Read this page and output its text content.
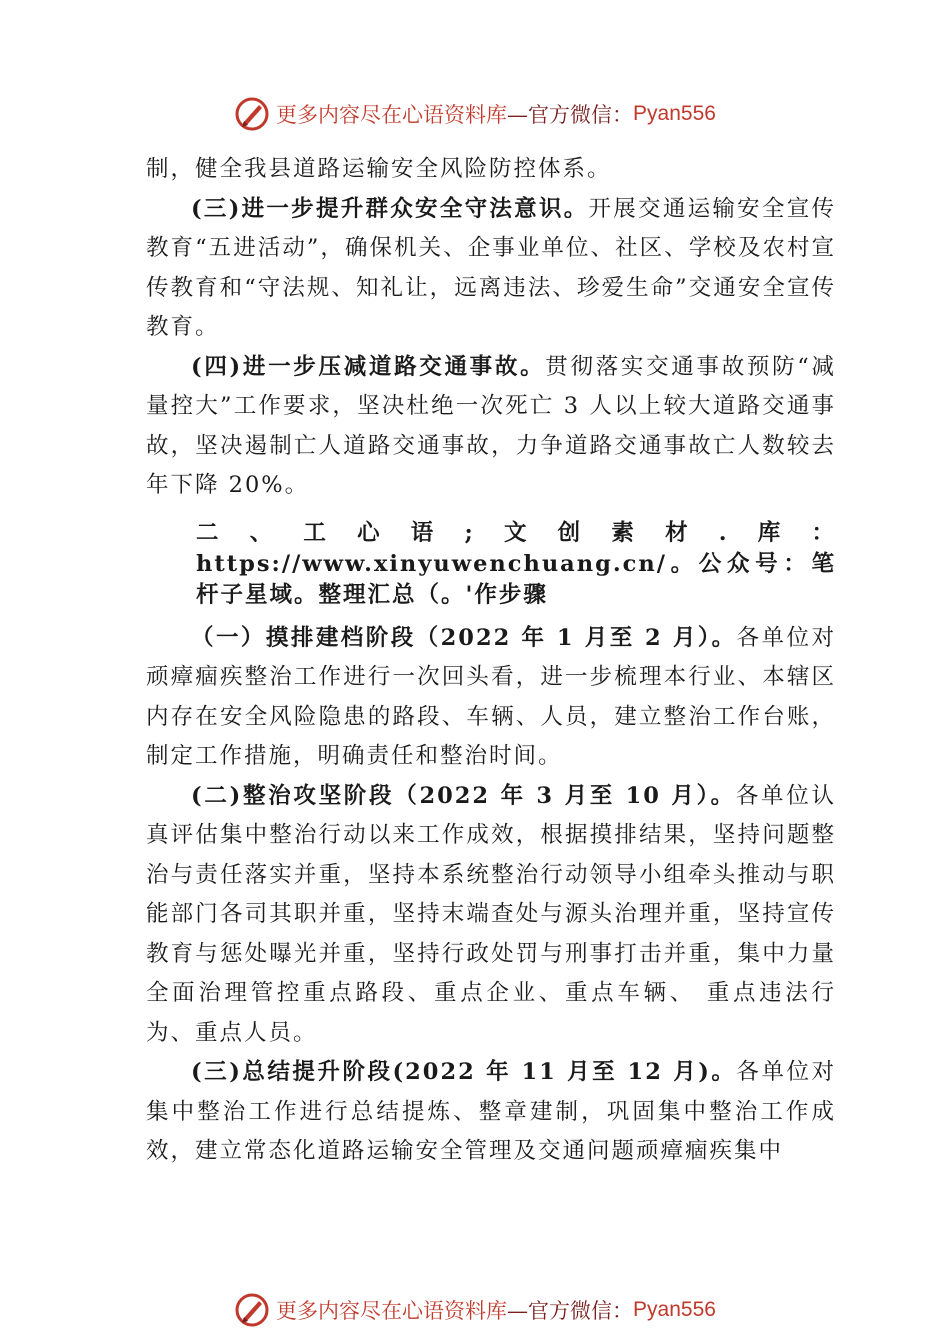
更多内容尽在心语资料库 —官方微信： Pyan556

制，健全我县道路运输安全风险防控体系。

(三)进一步提升群众安全守法意识。开展交通运输安全宣传教育“五进活动”，确保机关、企事业单位、社区、学校及农村宣传教育和“守法规、知礼让，远离违法、珍爱生命”交通安全宣传教育。

(四)进一步压减道路交通事故。贯彻落实交通事故预防“减量控大”工作要求，坚决杜绝一次死亡 3 人以上较大道路交通事故，坚决遏制亡人道路交通事故，力争道路交通事故亡人数较去年下降 20%。

二、工心语;文创素材.库：https://www.xinyuwenchuang.cn/。公众号：笔杆子星域。整理汇总（。'作步骤

（一）摸排建档阶段（2022 年 1 月至 2 月）。各单位对顽瘴痼疾整治工作进行一次回头看，进一步梳理本行业、本辖区内存在安全风险隐患的路段、车辆、人员，建立整治工作台账，制定工作措施，明确责任和整治时间。

(二)整治攻坚阶段（2022 年 3 月至 10 月）。各单位认真评估集中整治行动以来工作成效，根据摸排结果，坚持问题整治与责任落实并重，坚持本系统整治行动领导小组牵头推动与职能部门各司其职并重，坚持末端查处与源头治理并重，坚持宣传教育与惩处曝光并重，坚持行政处罚与刑事打击并重，集中力量全面治理管控重点路段、重点企业、重点车辆、 重点违法行为、重点人员。

(三)总结提升阶段(2022 年 11 月至 12 月)。各单位对集中整治工作进行总结提炼、整章建制，巩固集中整治工作成效，建立常态化道路运输安全管理及交通问题顽瘴痼疾集中

更多内容尽在心语资料库 —官方微信： Pyan556
